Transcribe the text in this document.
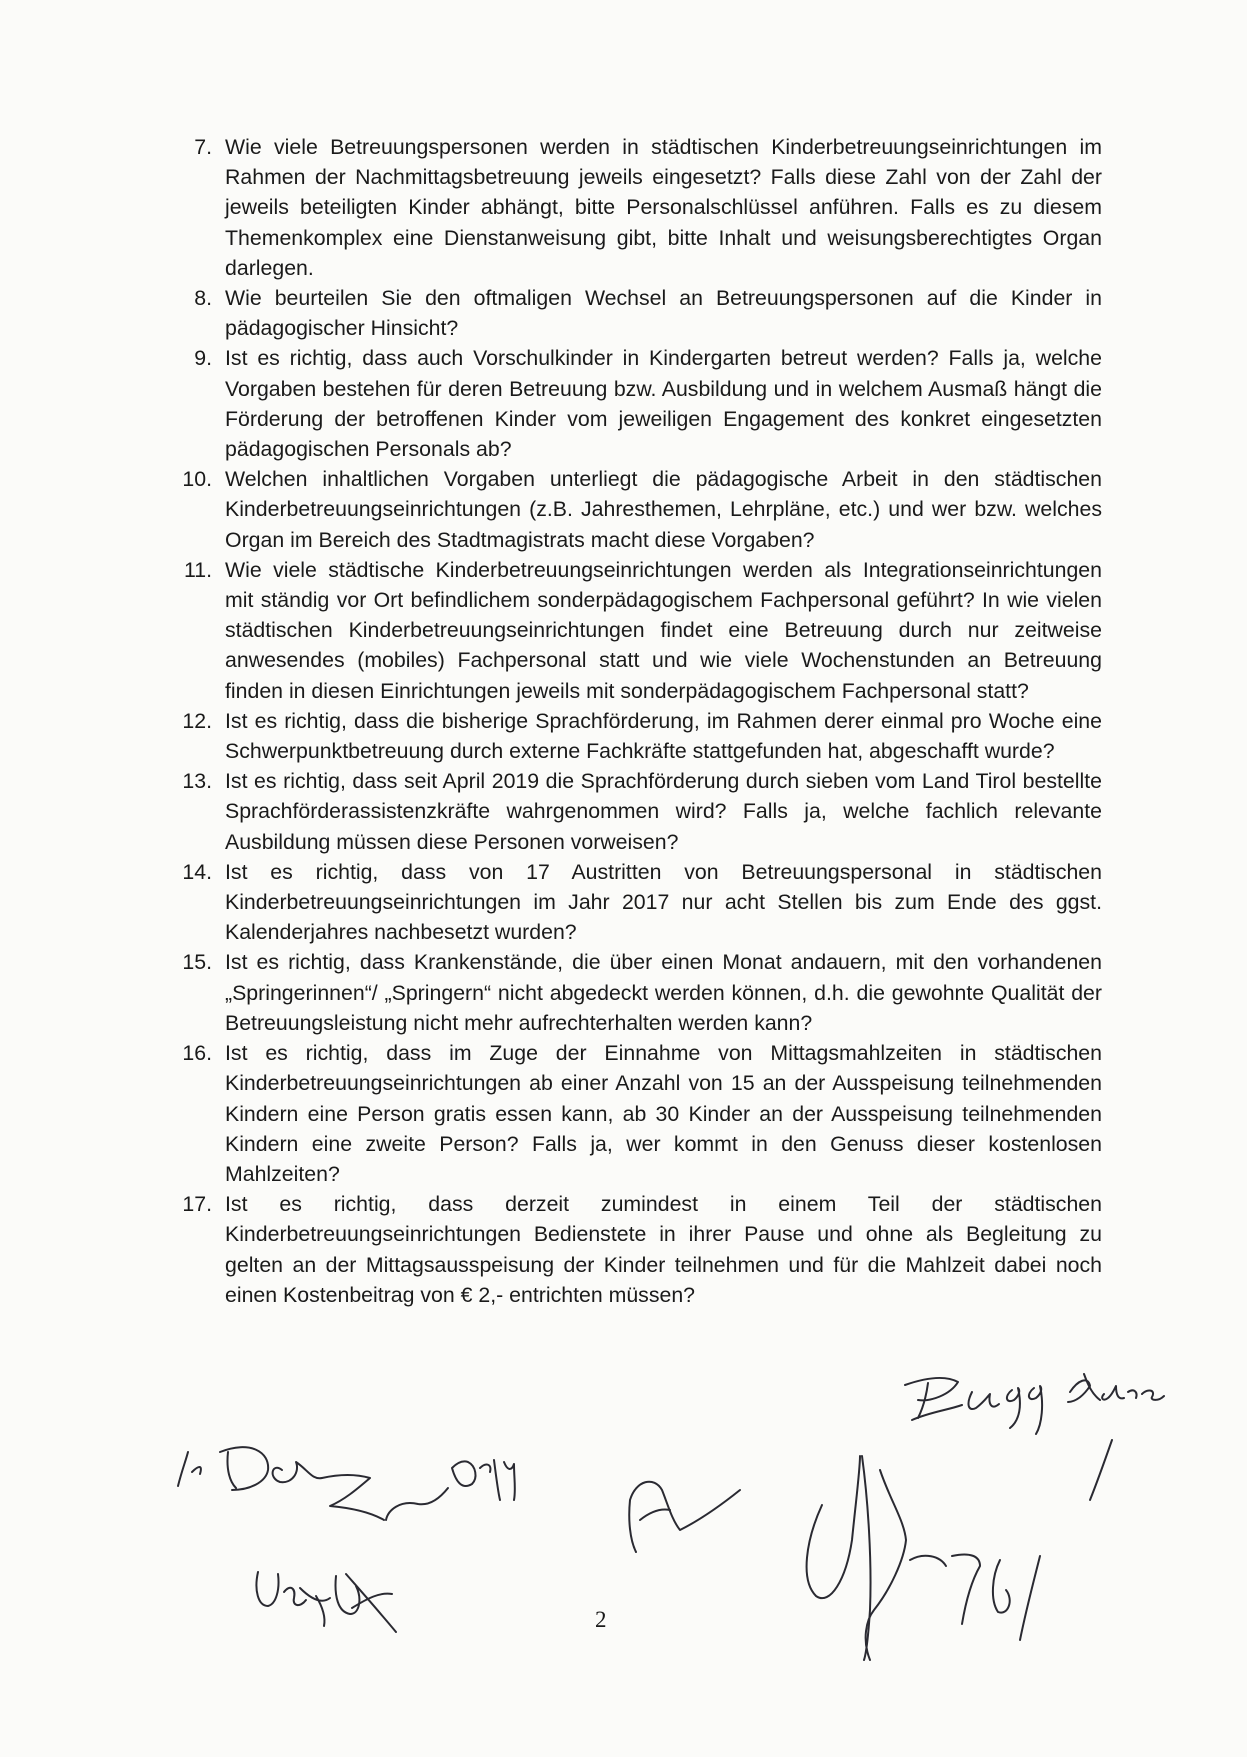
7. Wie viele Betreuungspersonen werden in städtischen Kinderbetreuungseinrichtungen im Rahmen der Nachmittagsbetreuung jeweils eingesetzt? Falls diese Zahl von der Zahl der jeweils beteiligten Kinder abhängt, bitte Personalschlüssel anführen. Falls es zu diesem Themenkomplex eine Dienstanweisung gibt, bitte Inhalt und weisungsberechtigtes Organ darlegen.
8. Wie beurteilen Sie den oftmaligen Wechsel an Betreuungspersonen auf die Kinder in pädagogischer Hinsicht?
9. Ist es richtig, dass auch Vorschulkinder in Kindergarten betreut werden? Falls ja, welche Vorgaben bestehen für deren Betreuung bzw. Ausbildung und in welchem Ausmaß hängt die Förderung der betroffenen Kinder vom jeweiligen Engagement des konkret eingesetzten pädagogischen Personals ab?
10. Welchen inhaltlichen Vorgaben unterliegt die pädagogische Arbeit in den städtischen Kinderbetreuungseinrichtungen (z.B. Jahresthemen, Lehrpläne, etc.) und wer bzw. welches Organ im Bereich des Stadtmagistrats macht diese Vorgaben?
11. Wie viele städtische Kinderbetreuungseinrichtungen werden als Integrationseinrichtungen mit ständig vor Ort befindlichem sonderpädagogischem Fachpersonal geführt? In wie vielen städtischen Kinderbetreuungseinrichtungen findet eine Betreuung durch nur zeitweise anwesendes (mobiles) Fachpersonal statt und wie viele Wochenstunden an Betreuung finden in diesen Einrichtungen jeweils mit sonderpädagogischem Fachpersonal statt?
12. Ist es richtig, dass die bisherige Sprachförderung, im Rahmen derer einmal pro Woche eine Schwerpunktbetreuung durch externe Fachkräfte stattgefunden hat, abgeschafft wurde?
13. Ist es richtig, dass seit April 2019 die Sprachförderung durch sieben vom Land Tirol bestellte Sprachförderassistenzkräfte wahrgenommen wird? Falls ja, welche fachlich relevante Ausbildung müssen diese Personen vorweisen?
14. Ist es richtig, dass von 17 Austritten von Betreuungspersonal in städtischen Kinderbetreuungseinrichtungen im Jahr 2017 nur acht Stellen bis zum Ende des ggst. Kalenderjahres nachbesetzt wurden?
15. Ist es richtig, dass Krankenstände, die über einen Monat andauern, mit den vorhandenen „Springerinnen“/ „Springern“ nicht abgedeckt werden können, d.h. die gewohnte Qualität der Betreuungsleistung nicht mehr aufrechterhalten werden kann?
16. Ist es richtig, dass im Zuge der Einnahme von Mittagsmahlzeiten in städtischen Kinderbetreuungseinrichtungen ab einer Anzahl von 15 an der Ausspeisung teilnehmenden Kindern eine Person gratis essen kann, ab 30 Kinder an der Ausspeisung teilnehmenden Kindern eine zweite Person? Falls ja, wer kommt in den Genuss dieser kostenlosen Mahlzeiten?
17. Ist es richtig, dass derzeit zumindest in einem Teil der städtischen Kinderbetreuungseinrichtungen Bedienstete in ihrer Pause und ohne als Begleitung zu gelten an der Mittagsausspeisung der Kinder teilnehmen und für die Mahlzeit dabei noch einen Kostenbeitrag von € 2,- entrichten müssen?
2
